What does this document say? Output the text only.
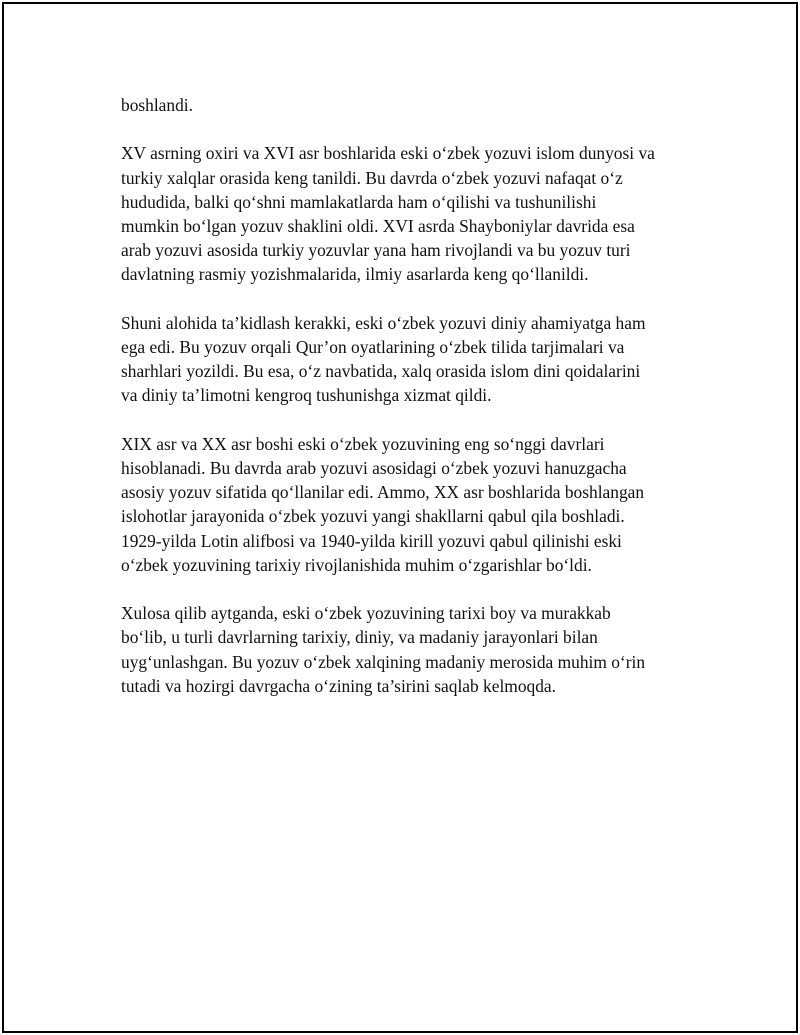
boshlandi.

XV asrning oxiri va XVI asr boshlarida eski o‘zbek yozuvi islom dunyosi va
turkiy xalqlar orasida keng tanildi. Bu davrda o‘zbek yozuvi nafaqat o‘z
hududida, balki qo‘shni mamlakatlarda ham o‘qilishi va tushunilishi
mumkin bo‘lgan yozuv shaklini oldi. XVI asrda Shayboniylar davrida esa
arab yozuvi asosida turkiy yozuvlar yana ham rivojlandi va bu yozuv turi
davlatning rasmiy yozishmalarida, ilmiy asarlarda keng qo‘llanildi.

Shuni alohida ta’kidlash kerakki, eski o‘zbek yozuvi diniy ahamiyatga ham
ega edi. Bu yozuv orqali Qur’on oyatlarining o‘zbek tilida tarjimalari va
sharhlari yozildi. Bu esa, o‘z navbatida, xalq orasida islom dini qoidalarini
va diniy ta’limotni kengroq tushunishga xizmat qildi.

XIX asr va XX asr boshi eski o‘zbek yozuvining eng so‘nggi davrlari
hisoblanadi. Bu davrda arab yozuvi asosidagi o‘zbek yozuvi hanuzgacha
asosiy yozuv sifatida qo‘llanilar edi. Ammo, XX asr boshlarida boshlangan
islohotlar jarayonida o‘zbek yozuvi yangi shakllarni qabul qila boshladi.
1929-yilda Lotin alifbosi va 1940-yilda kirill yozuvi qabul qilinishi eski
o‘zbek yozuvining tarixiy rivojlanishida muhim o‘zgarishlar bo‘ldi.

Xulosa qilib aytganda, eski o‘zbek yozuvining tarixi boy va murakkab
bo‘lib, u turli davrlarning tarixiy, diniy, va madaniy jarayonlari bilan
uyg‘unlashgan. Bu yozuv o‘zbek xalqining madaniy merosida muhim o‘rin
tutadi va hozirgi davrgacha o‘zining ta’sirini saqlab kelmoqda.
